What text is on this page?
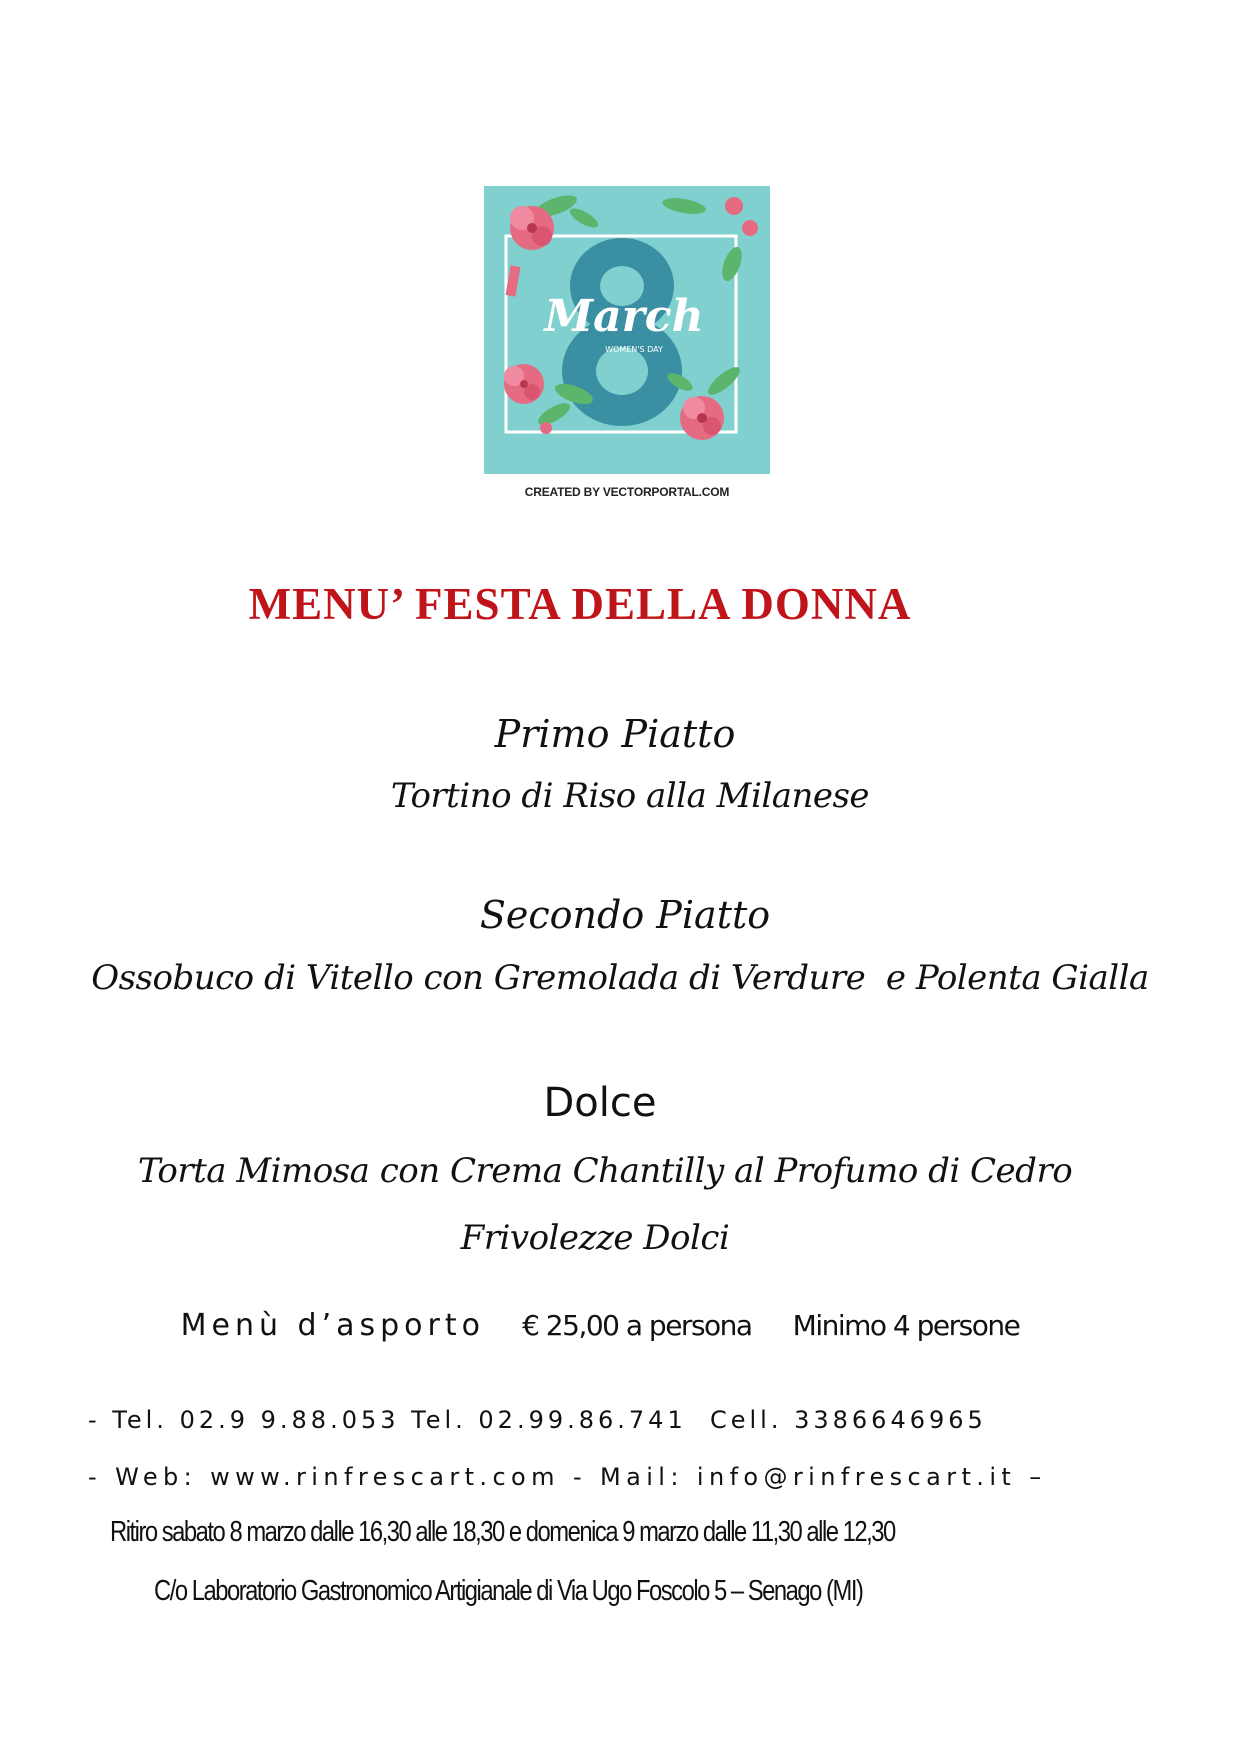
March
WOMEN'S DAY
CREATED BY VECTORPORTAL.COM
MENU’ FESTA DELLA DONNA
Primo Piatto
Tortino di Riso alla Milanese
Secondo Piatto
Ossobuco di Vitello con Gremolada di Verdure  e Polenta Gialla
Dolce
Torta Mimosa con Crema Chantilly al Profumo di Cedro
Frivolezze Dolci
Menù d’asporto € 25,00 a persona Minimo 4 persone
- Tel. 02.9 9.88.053 Tel. 02.99.86.741  Cell. 3386646965
- Web: www.rinfrescart.com - Mail: info@rinfrescart.it –
Ritiro sabato 8 marzo dalle 16,30 alle 18,30 e domenica 9 marzo dalle 11,30 alle 12,30
C/o Laboratorio Gastronomico Artigianale di Via Ugo Foscolo 5 – Senago (MI)
